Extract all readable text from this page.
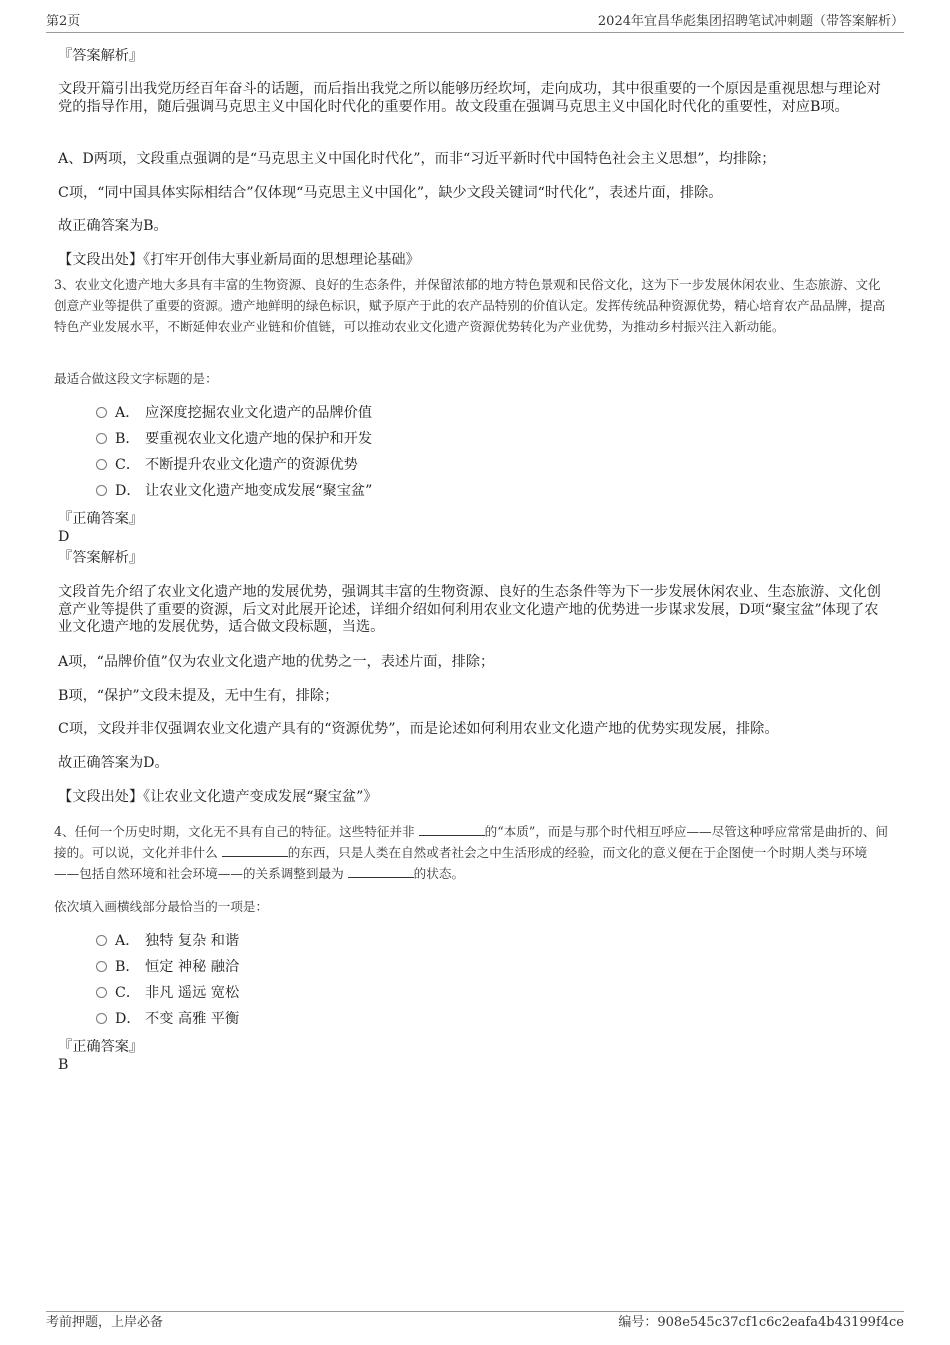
第2页	2024年宜昌华彪集团招聘笔试冲刺题（带答案解析）
『答案解析』
文段开篇引出我党历经百年奋斗的话题，而后指出我党之所以能够历经坎坷，走向成功，其中很重要的一个原因是重视思想与理论对党的指导作用，随后强调马克思主义中国化时代化的重要作用。故文段重在强调马克思主义中国化时代化的重要性，对应B项。
A、D两项，文段重点强调的是“马克思主义中国化时代化”，而非“习近平新时代中国特色社会主义思想”，均排除；
C项，“同中国具体实际相结合”仅体现“马克思主义中国化”，缺少文段关键词“时代化”，表述片面，排除。
故正确答案为B。
【文段出处】《打牢开创伟大事业新局面的思想理论基础》
3、农业文化遗产地大多具有丰富的生物资源、良好的生态条件，并保留浓郁的地方特色景观和民俗文化，这为下一步发展休闲农业、生态旅游、文化创意产业等提供了重要的资源。遗产地鲜明的绿色标识，赋予原产于此的农产品特别的价值认定。发挥传统品种资源优势，精心培育农产品品牌，提高特色产业发展水平，不断延伸农业产业链和价值链，可以推动农业文化遗产资源优势转化为产业优势，为推动乡村振兴注入新动能。
最适合做这段文字标题的是：
A． 应深度挖掘农业文化遗产的品牌价值
B． 要重视农业文化遗产地的保护和开发
C． 不断提升农业文化遗产的资源优势
D． 让农业文化遗产地变成发展“聚宝盆”
『正确答案』
D
『答案解析』
文段首先介绍了农业文化遗产地的发展优势，强调其丰富的生物资源、良好的生态条件等为下一步发展休闲农业、生态旅游、文化创意产业等提供了重要的资源，后文对此展开论述，详细介绍如何利用农业文化遗产地的优势进一步谋求发展，D项“聚宝盆”体现了农业文化遗产地的发展优势，适合做文段标题，当选。
A项，“品牌价值”仅为农业文化遗产地的优势之一，表述片面，排除；
B项，“保护”文段未提及，无中生有，排除；
C项，文段并非仅强调农业文化遗产具有的“资源优势”，而是论述如何利用农业文化遗产地的优势实现发展，排除。
故正确答案为D。
【文段出处】《让农业文化遗产变成发展“聚宝盆”》
4、任何一个历史时期，文化无不具有自己的特征。这些特征并非	的“本质”，而是与那个时代相互呼应——尽管这种呼应常常是曲折的、间接的。可以说，文化并非什么	的东西，只是人类在自然或者社会之中生活形成的经验，而文化的意义便在于企图使一个时期人类与环境——包括自然环境和社会环境——的关系调整到最为	的状态。
依次填入画横线部分最恰当的一项是：
A． 独特 复杂 和谐
B． 恒定 神秘 融洽
C． 非凡 遥远 宽松
D． 不变 高雅 平衡
『正确答案』
B
考前押题，上岸必备	编号：908e545c37cf1c6c2eafa4b43199f4ce
